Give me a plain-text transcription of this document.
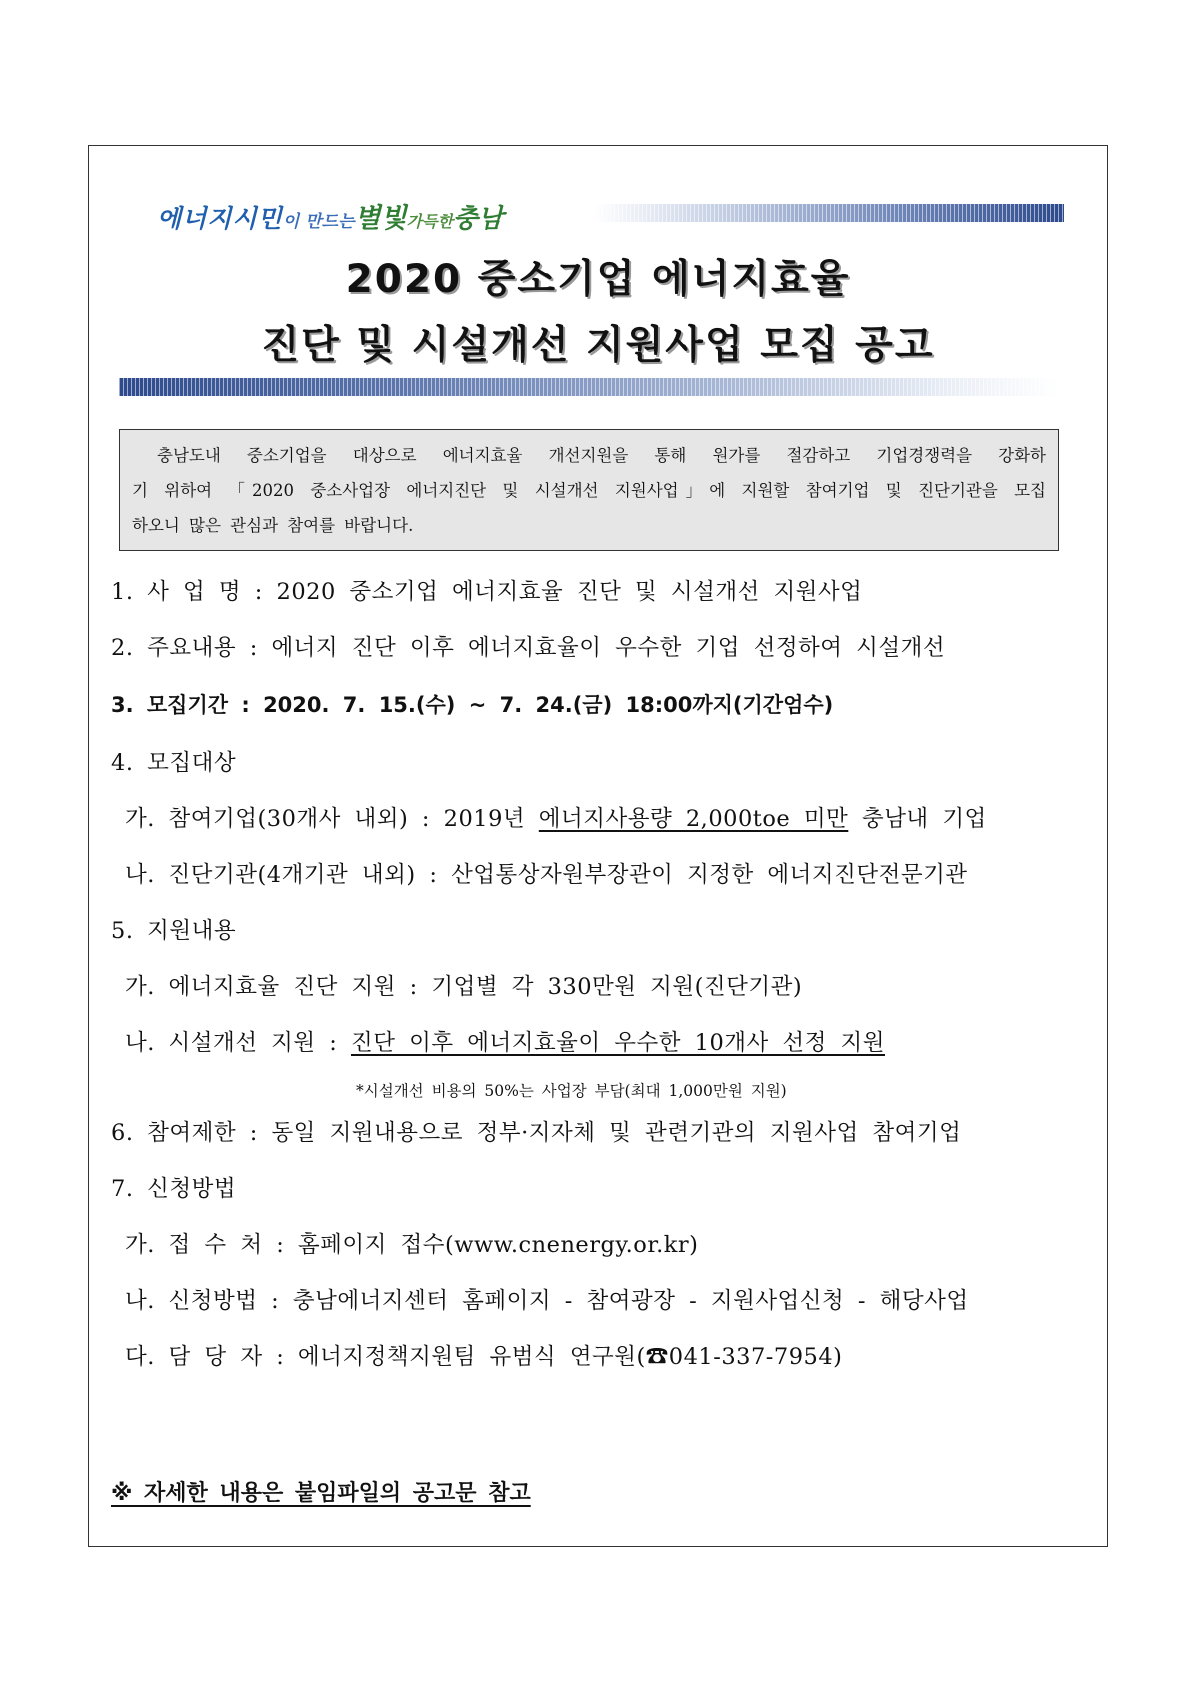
에너지시민이 만드는별빛가득한충남
2020 중소기업 에너지효율
진단 및 시설개선 지원사업 모집 공고

충남도내 중소기업을 대상으로 에너지효율 개선지원을 통해 원가를 절감하고 기업경쟁력을 강화하

기 위하여 「2020 중소사업장 에너지진단 및 시설개선 지원사업」에 지원할 참여기업 및 진단기관을 모집

하오니 많은 관심과 참여를 바랍니다.

1. 사 업 명 : 2020 중소기업 에너지효율 진단 및 시설개선 지원사업
2. 주요내용 : 에너지 진단 이후 에너지효율이 우수한 기업 선정하여 시설개선
3. 모집기간 : 2020. 7. 15.(수) ~ 7. 24.(금) 18:00까지(기간엄수)
4. 모집대상
가. 참여기업(30개사 내외) : 2019년 에너지사용량 2,000toe 미만 충남내 기업
나. 진단기관(4개기관 내외) : 산업통상자원부장관이 지정한 에너지진단전문기관
5. 지원내용
가. 에너지효율 진단 지원 : 기업별 각 330만원 지원(진단기관)
나. 시설개선 지원 : 진단 이후 에너지효율이 우수한 10개사 선정 지원
*시설개선 비용의 50%는 사업장 부담(최대 1,000만원 지원)
6. 참여제한 : 동일 지원내용으로 정부·지자체 및 관련기관의 지원사업 참여기업
7. 신청방법
가. 접 수 처 : 홈페이지 접수(www.cnenergy.or.kr)
나. 신청방법 : 충남에너지센터 홈페이지 - 참여광장 - 지원사업신청 - 해당사업
다. 담 당 자 : 에너지정책지원팀 유범식 연구원(☎041-337-7954)
※ 자세한 내용은 붙임파일의 공고문 참고
